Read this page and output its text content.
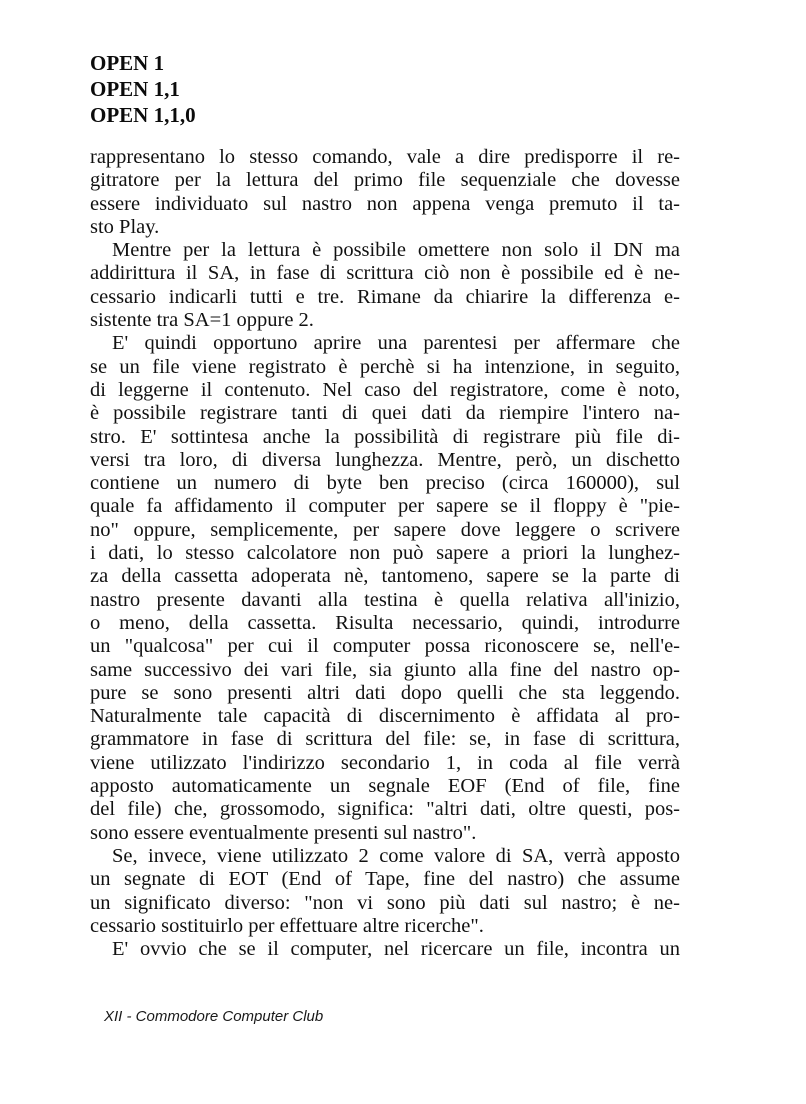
OPEN 1
OPEN 1,1
OPEN 1,1,0
rappresentano lo stesso comando, vale a dire predisporre il re-
gitratore per la lettura del primo file sequenziale che dovesse
essere individuato sul nastro non appena venga premuto il ta-
sto Play.
Mentre per la lettura è possibile omettere non solo il DN ma
addirittura il SA, in fase di scrittura ciò non è possibile ed è ne-
cessario indicarli tutti e tre. Rimane da chiarire la differenza e-
sistente tra SA=1 oppure 2.
E' quindi opportuno aprire una parentesi per affermare che
se un file viene registrato è perchè si ha intenzione, in seguito,
di leggerne il contenuto. Nel caso del registratore, come è noto,
è possibile registrare tanti di quei dati da riempire l'intero na-
stro. E' sottintesa anche la possibilità di registrare più file di-
versi tra loro, di diversa lunghezza. Mentre, però, un dischetto
contiene un numero di byte ben preciso (circa 160000), sul
quale fa affidamento il computer per sapere se il floppy è "pie-
no" oppure, semplicemente, per sapere dove leggere o scrivere
i dati, lo stesso calcolatore non può sapere a priori la lunghez-
za della cassetta adoperata nè, tantomeno, sapere se la parte di
nastro presente davanti alla testina è quella relativa all'inizio,
o meno, della cassetta. Risulta necessario, quindi, introdurre
un "qualcosa" per cui il computer possa riconoscere se, nell'e-
same successivo dei vari file, sia giunto alla fine del nastro op-
pure se sono presenti altri dati dopo quelli che sta leggendo.
Naturalmente tale capacità di discernimento è affidata al pro-
grammatore in fase di scrittura del file: se, in fase di scrittura,
viene utilizzato l'indirizzo secondario 1, in coda al file verrà
apposto automaticamente un segnale EOF (End of file, fine
del file) che, grossomodo, significa: "altri dati, oltre questi, pos-
sono essere eventualmente presenti sul nastro".
Se, invece, viene utilizzato 2 come valore di SA, verrà apposto
un segnate di EOT (End of Tape, fine del nastro) che assume
un significato diverso: "non vi sono più dati sul nastro; è ne-
cessario sostituirlo per effettuare altre ricerche".
E' ovvio che se il computer, nel ricercare un file, incontra un
XII - Commodore Computer Club
